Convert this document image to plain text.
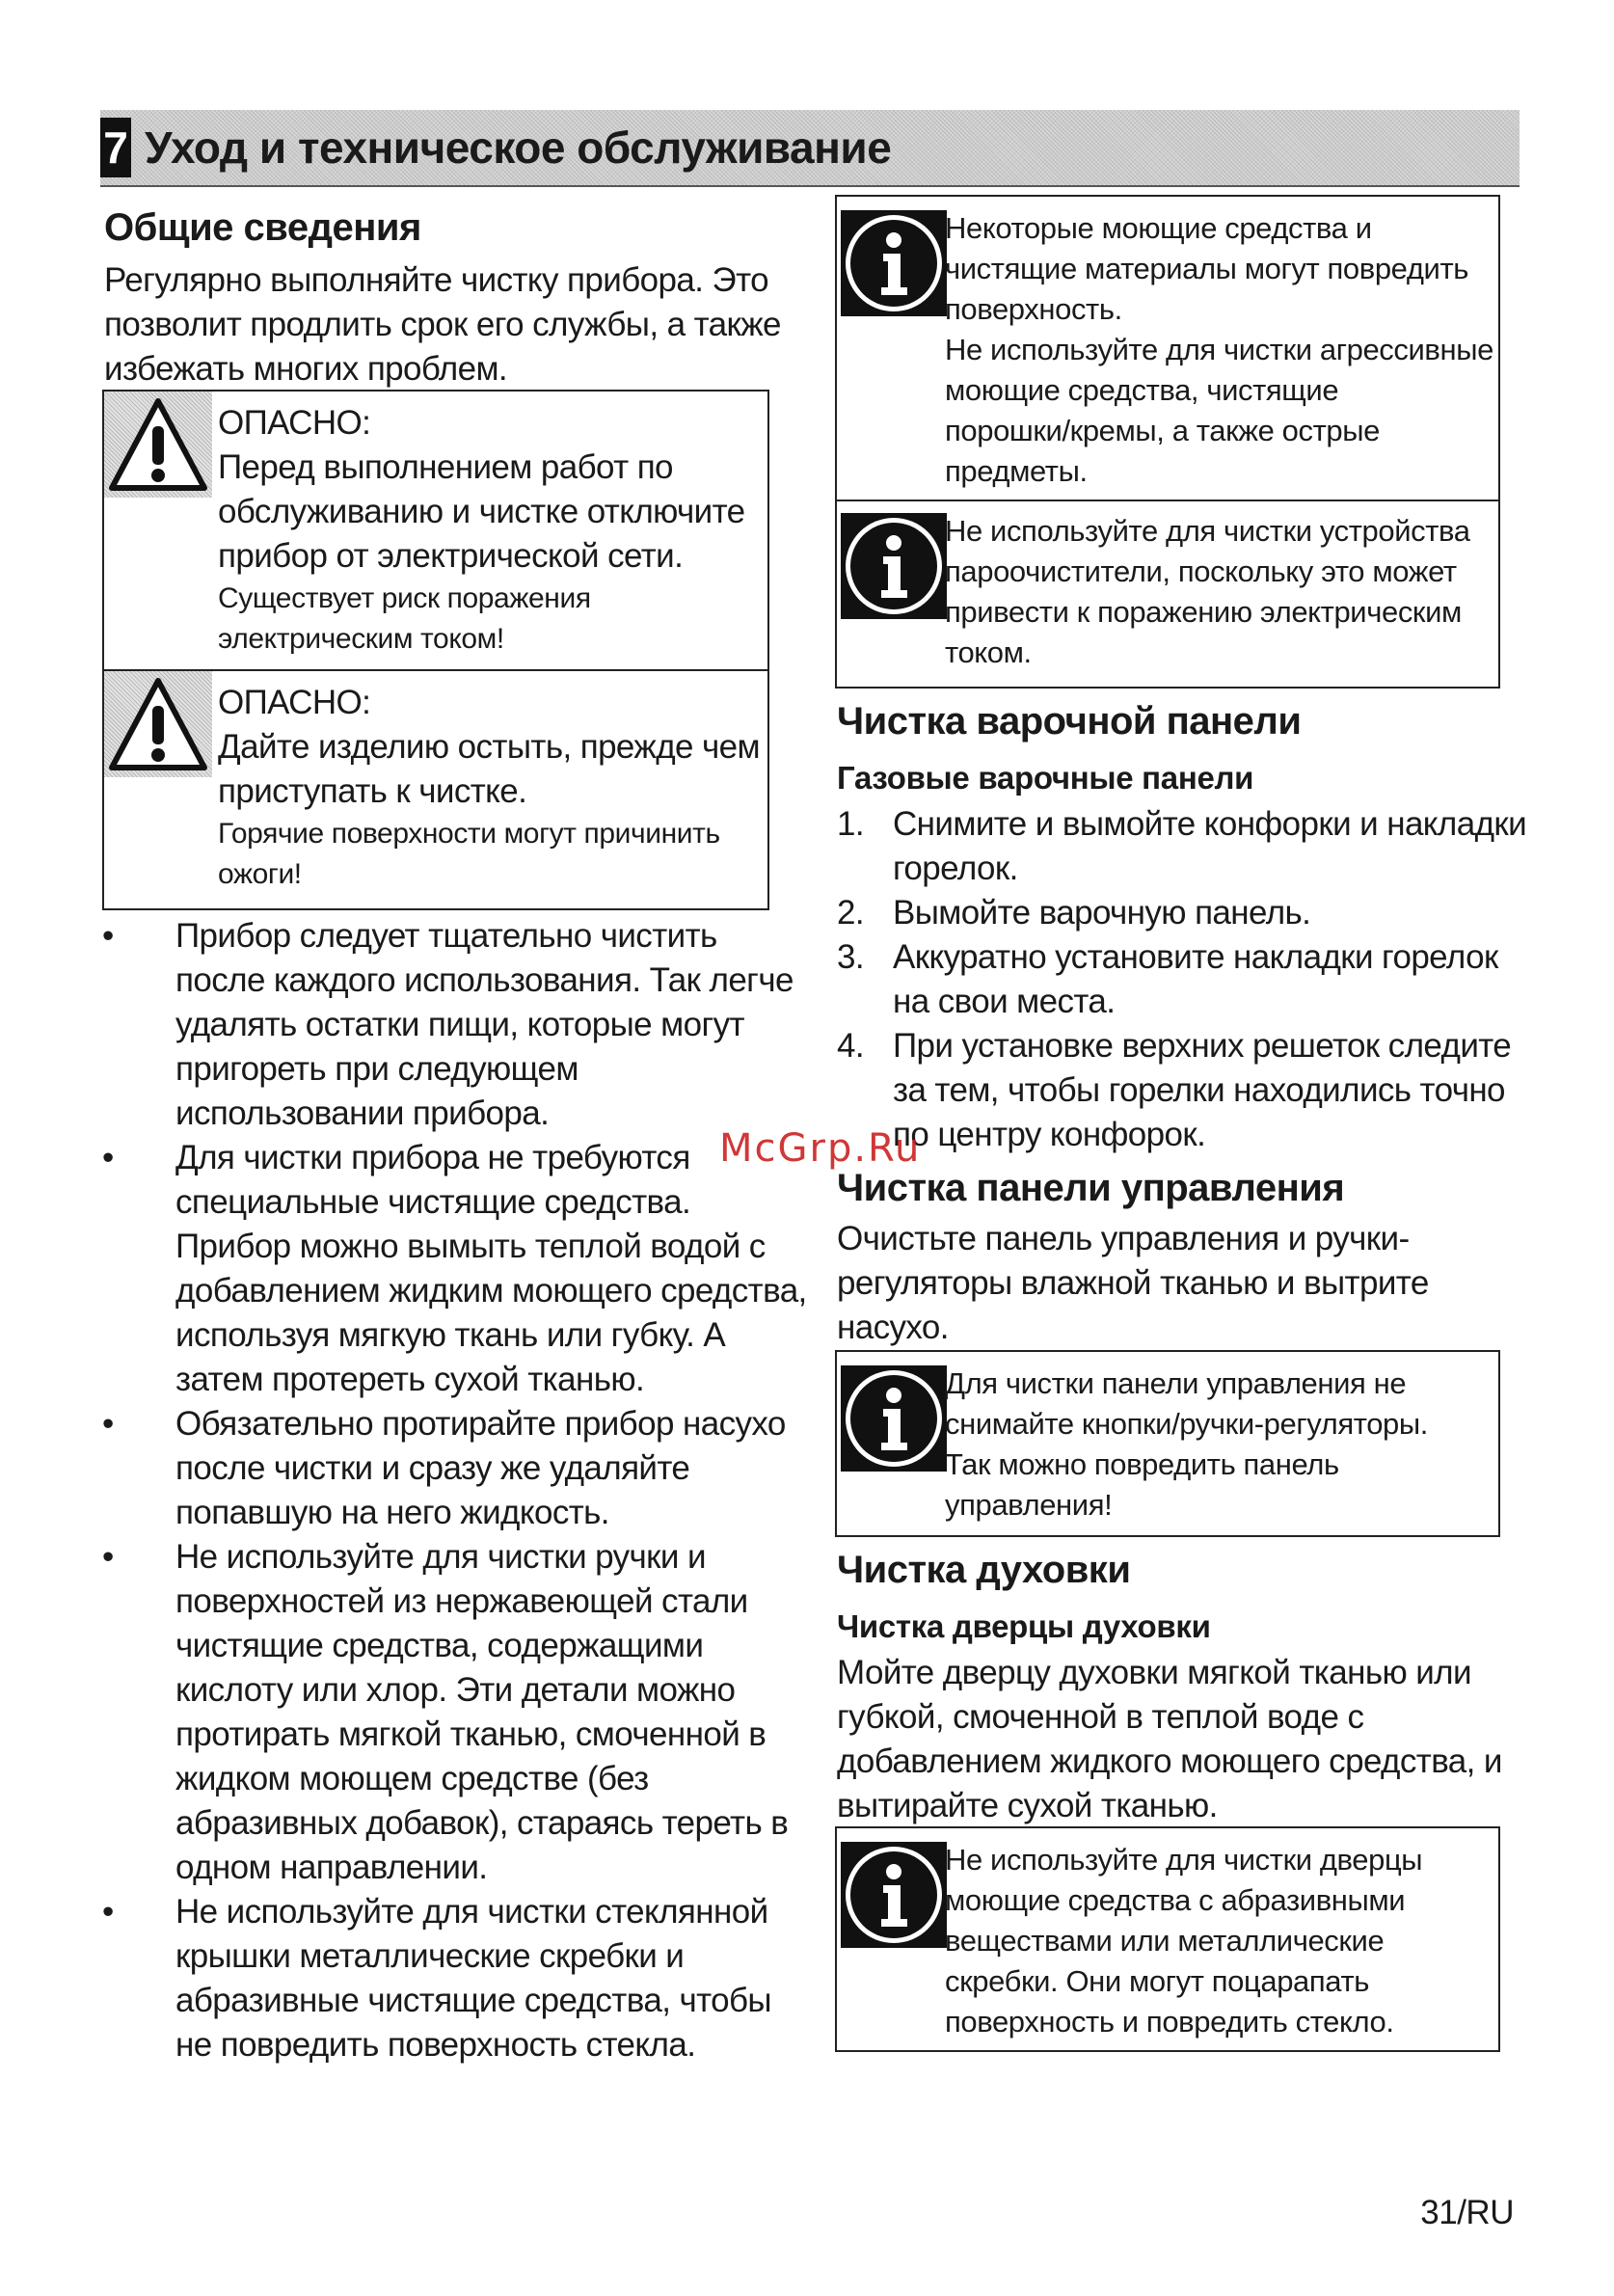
7 Уход и техническое обслуживание
Общие сведения
Регулярно выполняйте чистку прибора. Это
позволит продлить срок его службы, а также
избежать многих проблем.
ОПАСНО:
Перед выполнением работ по
обслуживанию и чистке отключите
прибор от электрической сети.
Существует риск поражения
электрическим током!
ОПАСНО:
Дайте изделию остыть, прежде чем
приступать к чистке.
Горячие поверхности могут причинить
ожоги!
• Прибор следует тщательно чистить
после каждого использования. Так легче
удалять остатки пищи, которые могут
пригореть при следующем
использовании прибора.
• Для чистки прибора не требуются
специальные чистящие средства.
Прибор можно вымыть теплой водой с
добавлением жидким моющего средства,
используя мягкую ткань или губку. А
затем протереть сухой тканью.
• Обязательно протирайте прибор насухо
после чистки и сразу же удаляйте
попавшую на него жидкость.
• Не используйте для чистки ручки и
поверхностей из нержавеющей стали
чистящие средства, содержащими
кислоту или хлор. Эти детали можно
протирать мягкой тканью, смоченной в
жидком моющем средстве (без
абразивных добавок), стараясь тереть в
одном направлении.
• Не используйте для чистки стеклянной
крышки металлические скребки и
абразивные чистящие средства, чтобы
не повредить поверхность стекла.
Некоторые моющие средства и
чистящие материалы могут повредить
поверхность.
Не используйте для чистки агрессивные
моющие средства, чистящие
порошки/кремы, а также острые
предметы.
Не используйте для чистки устройства
пароочистители, поскольку это может
привести к поражению электрическим
током.
Чистка варочной панели
Газовые варочные панели
1. Снимите и вымойте конфорки и накладки
горелок.
2. Вымойте варочную панель.
3. Аккуратно установите накладки горелок
на свои места.
4. При установке верхних решеток следите
за тем, чтобы горелки находились точно
по центру конфорок.
McGrp.Ru
Чистка панели управления
Очистьте панель управления и ручки-
регуляторы влажной тканью и вытрите
насухо.
Для чистки панели управления не
снимайте кнопки/ручки-регуляторы.
Так можно повредить панель
управления!
Чистка духовки
Чистка дверцы духовки
Мойте дверцу духовки мягкой тканью или
губкой, смоченной в теплой воде с
добавлением жидкого моющего средства, и
вытирайте сухой тканью.
Не используйте для чистки дверцы
моющие средства с абразивными
веществами или металлические
скребки. Они могут поцарапать
поверхность и повредить стекло.
31/RU
